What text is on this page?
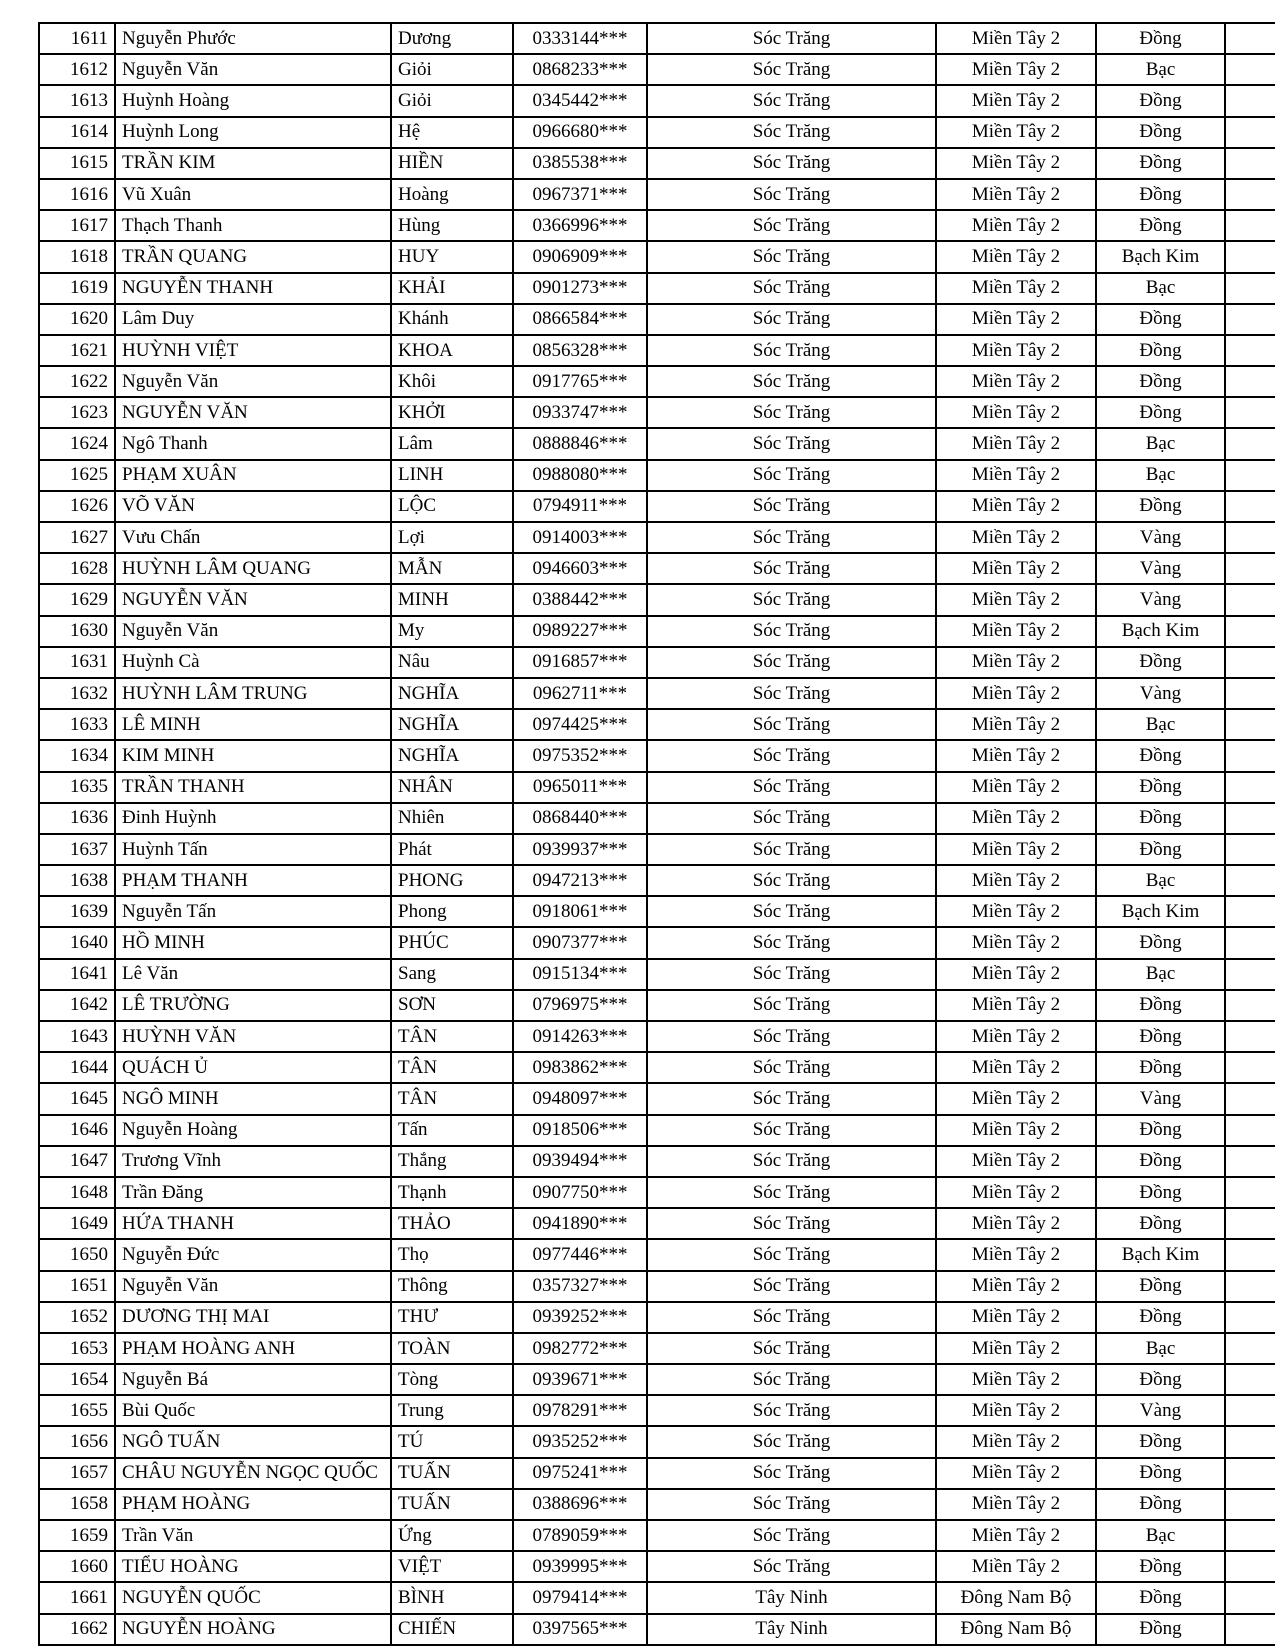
1611	Nguyễn Phước	Dương	0333144***	Sóc Trăng	Miền Tây 2	Đồng	
1612	Nguyễn Văn	Giỏi	0868233***	Sóc Trăng	Miền Tây 2	Bạc	
1613	Huỳnh Hoàng	Giỏi	0345442***	Sóc Trăng	Miền Tây 2	Đồng	
1614	Huỳnh Long	Hệ	0966680***	Sóc Trăng	Miền Tây 2	Đồng	
1615	TRẦN KIM	HIỀN	0385538***	Sóc Trăng	Miền Tây 2	Đồng	
1616	Vũ Xuân	Hoàng	0967371***	Sóc Trăng	Miền Tây 2	Đồng	
1617	Thạch Thanh	Hùng	0366996***	Sóc Trăng	Miền Tây 2	Đồng	
1618	TRẦN QUANG	HUY	0906909***	Sóc Trăng	Miền Tây 2	Bạch Kim	
1619	NGUYỄN THANH	KHẢI	0901273***	Sóc Trăng	Miền Tây 2	Bạc	
1620	Lâm Duy	Khánh	0866584***	Sóc Trăng	Miền Tây 2	Đồng	
1621	HUỲNH VIỆT	KHOA	0856328***	Sóc Trăng	Miền Tây 2	Đồng	
1622	Nguyễn Văn	Khôi	0917765***	Sóc Trăng	Miền Tây 2	Đồng	
1623	NGUYỄN VĂN	KHỞI	0933747***	Sóc Trăng	Miền Tây 2	Đồng	
1624	Ngô Thanh	Lâm	0888846***	Sóc Trăng	Miền Tây 2	Bạc	
1625	PHẠM XUÂN	LINH	0988080***	Sóc Trăng	Miền Tây 2	Bạc	
1626	VÕ VĂN	LỘC	0794911***	Sóc Trăng	Miền Tây 2	Đồng	
1627	Vưu Chấn	Lợi	0914003***	Sóc Trăng	Miền Tây 2	Vàng	
1628	HUỲNH LÂM QUANG	MẪN	0946603***	Sóc Trăng	Miền Tây 2	Vàng	
1629	NGUYỄN VĂN	MINH	0388442***	Sóc Trăng	Miền Tây 2	Vàng	
1630	Nguyễn Văn	My	0989227***	Sóc Trăng	Miền Tây 2	Bạch Kim	
1631	Huỳnh Cà	Nâu	0916857***	Sóc Trăng	Miền Tây 2	Đồng	
1632	HUỲNH LÂM TRUNG	NGHĨA	0962711***	Sóc Trăng	Miền Tây 2	Vàng	
1633	LÊ MINH	NGHĨA	0974425***	Sóc Trăng	Miền Tây 2	Bạc	
1634	KIM MINH	NGHĨA	0975352***	Sóc Trăng	Miền Tây 2	Đồng	
1635	TRẦN THANH	NHÂN	0965011***	Sóc Trăng	Miền Tây 2	Đồng	
1636	Đinh Huỳnh	Nhiên	0868440***	Sóc Trăng	Miền Tây 2	Đồng	
1637	Huỳnh Tấn	Phát	0939937***	Sóc Trăng	Miền Tây 2	Đồng	
1638	PHẠM THANH	PHONG	0947213***	Sóc Trăng	Miền Tây 2	Bạc	
1639	Nguyễn Tấn	Phong	0918061***	Sóc Trăng	Miền Tây 2	Bạch Kim	
1640	HỒ MINH	PHÚC	0907377***	Sóc Trăng	Miền Tây 2	Đồng	
1641	Lê Văn	Sang	0915134***	Sóc Trăng	Miền Tây 2	Bạc	
1642	LÊ TRƯỜNG	SƠN	0796975***	Sóc Trăng	Miền Tây 2	Đồng	
1643	HUỲNH VĂN	TÂN	0914263***	Sóc Trăng	Miền Tây 2	Đồng	
1644	QUÁCH Ủ	TÂN	0983862***	Sóc Trăng	Miền Tây 2	Đồng	
1645	NGÔ MINH	TÂN	0948097***	Sóc Trăng	Miền Tây 2	Vàng	
1646	Nguyễn Hoàng	Tấn	0918506***	Sóc Trăng	Miền Tây 2	Đồng	
1647	Trương Vĩnh	Thắng	0939494***	Sóc Trăng	Miền Tây 2	Đồng	
1648	Trần Đăng	Thạnh	0907750***	Sóc Trăng	Miền Tây 2	Đồng	
1649	HỨA THANH	THẢO	0941890***	Sóc Trăng	Miền Tây 2	Đồng	
1650	Nguyễn Đức	Thọ	0977446***	Sóc Trăng	Miền Tây 2	Bạch Kim	
1651	Nguyễn Văn	Thông	0357327***	Sóc Trăng	Miền Tây 2	Đồng	
1652	DƯƠNG THỊ MAI	THƯ	0939252***	Sóc Trăng	Miền Tây 2	Đồng	
1653	PHẠM HOÀNG ANH	TOÀN	0982772***	Sóc Trăng	Miền Tây 2	Bạc	
1654	Nguyễn Bá	Tòng	0939671***	Sóc Trăng	Miền Tây 2	Đồng	
1655	Bùi Quốc	Trung	0978291***	Sóc Trăng	Miền Tây 2	Vàng	
1656	NGÔ TUẤN	TÚ	0935252***	Sóc Trăng	Miền Tây 2	Đồng	
1657	CHÂU NGUYỄN NGỌC QUỐC	TUẤN	0975241***	Sóc Trăng	Miền Tây 2	Đồng	
1658	PHẠM HOÀNG	TUẤN	0388696***	Sóc Trăng	Miền Tây 2	Đồng	
1659	Trần Văn	Ứng	0789059***	Sóc Trăng	Miền Tây 2	Bạc	
1660	TIỂU HOÀNG	VIỆT	0939995***	Sóc Trăng	Miền Tây 2	Đồng	
1661	NGUYỄN QUỐC	BÌNH	0979414***	Tây Ninh	Đông Nam Bộ	Đồng	
1662	NGUYỄN HOÀNG	CHIẾN	0397565***	Tây Ninh	Đông Nam Bộ	Đồng	
